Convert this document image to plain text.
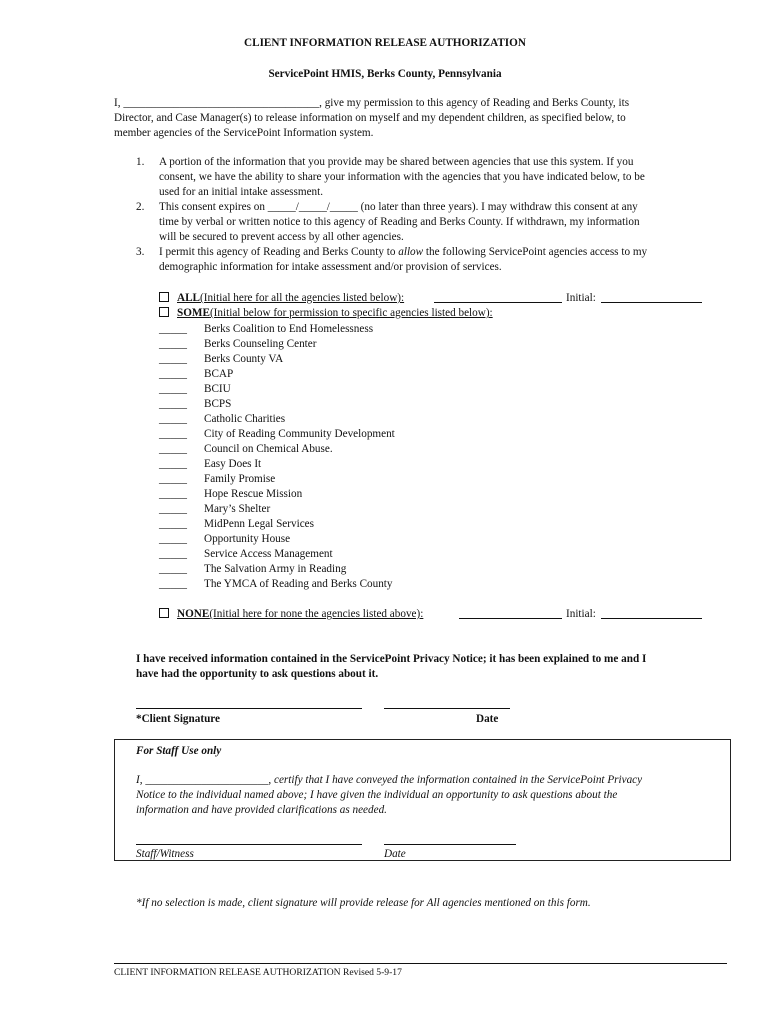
CLIENT INFORMATION RELEASE AUTHORIZATION
ServicePoint HMIS, Berks County, Pennsylvania
I, ___________________________________, give my permission to this agency of Reading and Berks County, its
Director, and Case Manager(s) to release information on myself and my dependent children, as specified below, to
member agencies of the ServicePoint Information system.
1.	A portion of the information that you provide may be shared between agencies that use this system. If you
consent, we have the ability to share your information with the agencies that you have indicated below, to be
used for an initial intake assessment.
2.	This consent expires on _____/_____/_____ (no later than three years). I may withdraw this consent at any
time by verbal or written notice to this agency of Reading and Berks County. If withdrawn, my information
will be secured to prevent access by all other agencies.
3.	I permit this agency of Reading and Berks County to allow the following ServicePoint agencies access to my
demographic information for intake assessment and/or provision of services.
ALL(Initial here for all the agencies listed below):	Initial:
SOME(Initial below for permission to specific agencies listed below):
_____	Berks Coalition to End Homelessness
_____	Berks Counseling Center
_____	Berks County VA
_____	BCAP
_____	BCIU
_____	BCPS
_____	Catholic Charities
_____	City of Reading Community Development
_____	Council on Chemical Abuse.
_____	Easy Does It
_____	Family Promise
_____	Hope Rescue Mission
_____	Mary’s Shelter
_____	MidPenn Legal Services
_____	Opportunity House
_____	Service Access Management
_____	The Salvation Army in Reading
_____	The YMCA of Reading and Berks County
NONE(Initial here for none the agencies listed above):	Initial:
I have received information contained in the ServicePoint Privacy Notice; it has been explained to me and I
have had the opportunity to ask questions about it.
*Client Signature	Date
For Staff Use only
I, ______________________, certify that I have conveyed the information contained in the ServicePoint Privacy
Notice to the individual named above; I have given the individual an opportunity to ask questions about the
information and have provided clarifications as needed.
Staff/Witness	Date
*If no selection is made, client signature will provide release for All agencies mentioned on this form.
CLIENT INFORMATION RELEASE AUTHORIZATION Revised 5-9-17
